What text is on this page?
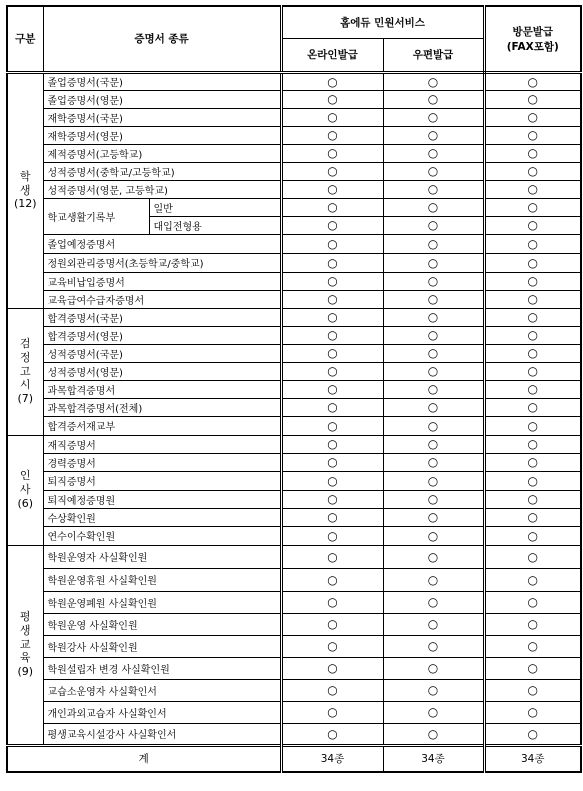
구분	증명서 종류		홈에듀 민원서비스		방문발급
(FAX포함)
			온라인발급	우편발급	

학
생
(12)	졸업증명서(국문)		○	○	○
	졸업증명서(영문)		○	○	○
	재학증명서(국문)		○	○	○
	재학증명서(영문)		○	○	○
	제적증명서(고등학교)		○	○	○
	성적증명서(중학교/고등학교)		○	○	○
	성적증명서(영문, 고등학교)		○	○	○
	학교생활기록부	일반	○	○	○
		대입전형용	○	○	○
	졸업예정증명서		○	○	○
	정원외관리증명서(초등학교/중학교)		○	○	○
	교육비납입증명서		○	○	○
	교육급여수급자증명서		○	○	○

검
정
고
시
(7)	합격증명서(국문)		○	○	○
	합격증명서(영문)		○	○	○
	성적증명서(국문)		○	○	○
	성적증명서(영문)		○	○	○
	과목합격증명서		○	○	○
	과목합격증명서(전체)		○	○	○
	합격증서재교부		○	○	○

인
사
(6)	재직증명서		○	○	○
	경력증명서		○	○	○
	퇴직증명서		○	○	○
	퇴직예정증명원		○	○	○
	수상확인원		○	○	○
	연수이수확인원		○	○	○

평
생
교
육
(9)	학원운영자 사실확인원		○	○	○
	학원운영휴원 사실확인원		○	○	○
	학원운영폐원 사실확인원		○	○	○
	학원운영 사실확인원		○	○	○
	학원강사 사실확인원		○	○	○
	학원설립자 변경 사실확인원		○	○	○
	교습소운영자 사실확인서		○	○	○
	개인과외교습자 사실확인서		○	○	○
	평생교육시설강사 사실확인서		○	○	○
계			34종	34종	34종
